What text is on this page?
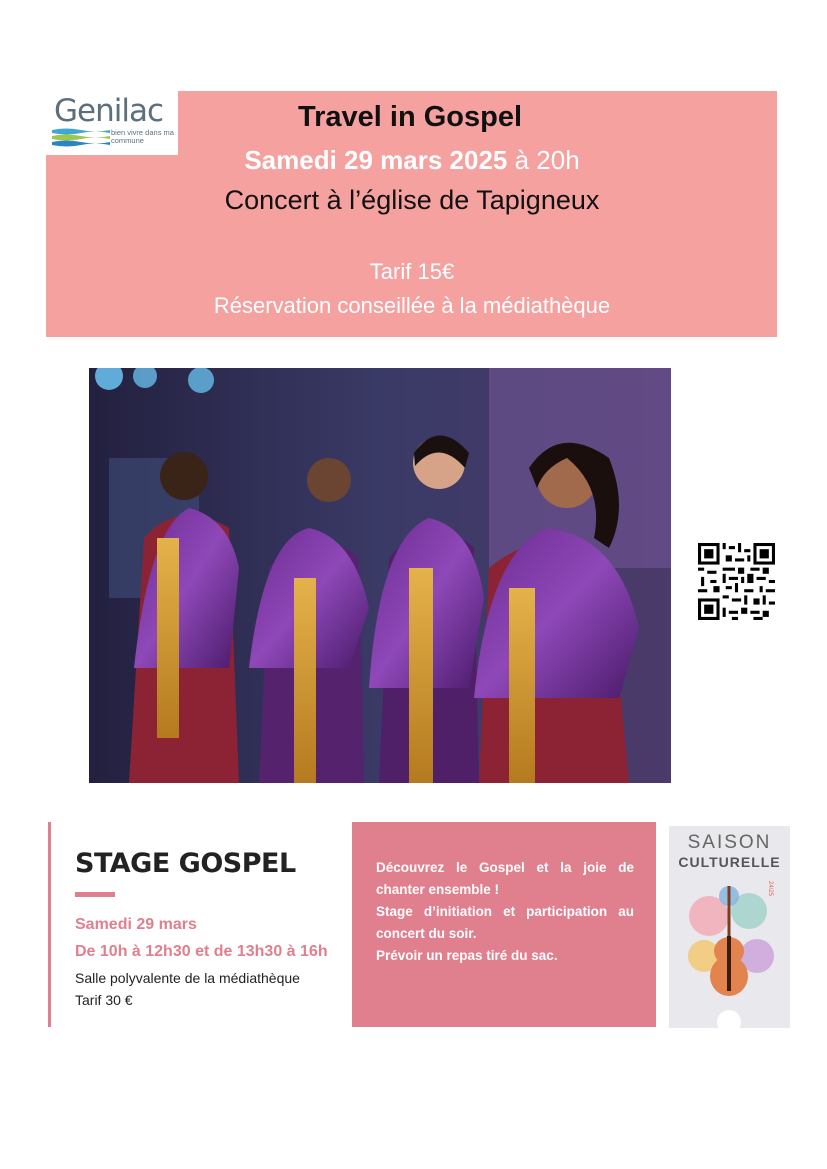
Genilac
bien vivre dans ma commune
Travel in Gospel
Samedi 29 mars 2025 à 20h
Concert à l’église de Tapigneux
Tarif 15€
Réservation conseillée à la médiathèque
STAGE GOSPEL
Samedi 29 mars
De 10h à 12h30 et de 13h30 à 16h
Salle polyvalente de la médiathèque
Tarif 30 €

Découvrez le Gospel et la joie de chanter ensemble !

Stage d’initiation et participation au concert du soir.

Prévoir un repas tiré du sac.

SAISON
CULTURELLE
24/25
